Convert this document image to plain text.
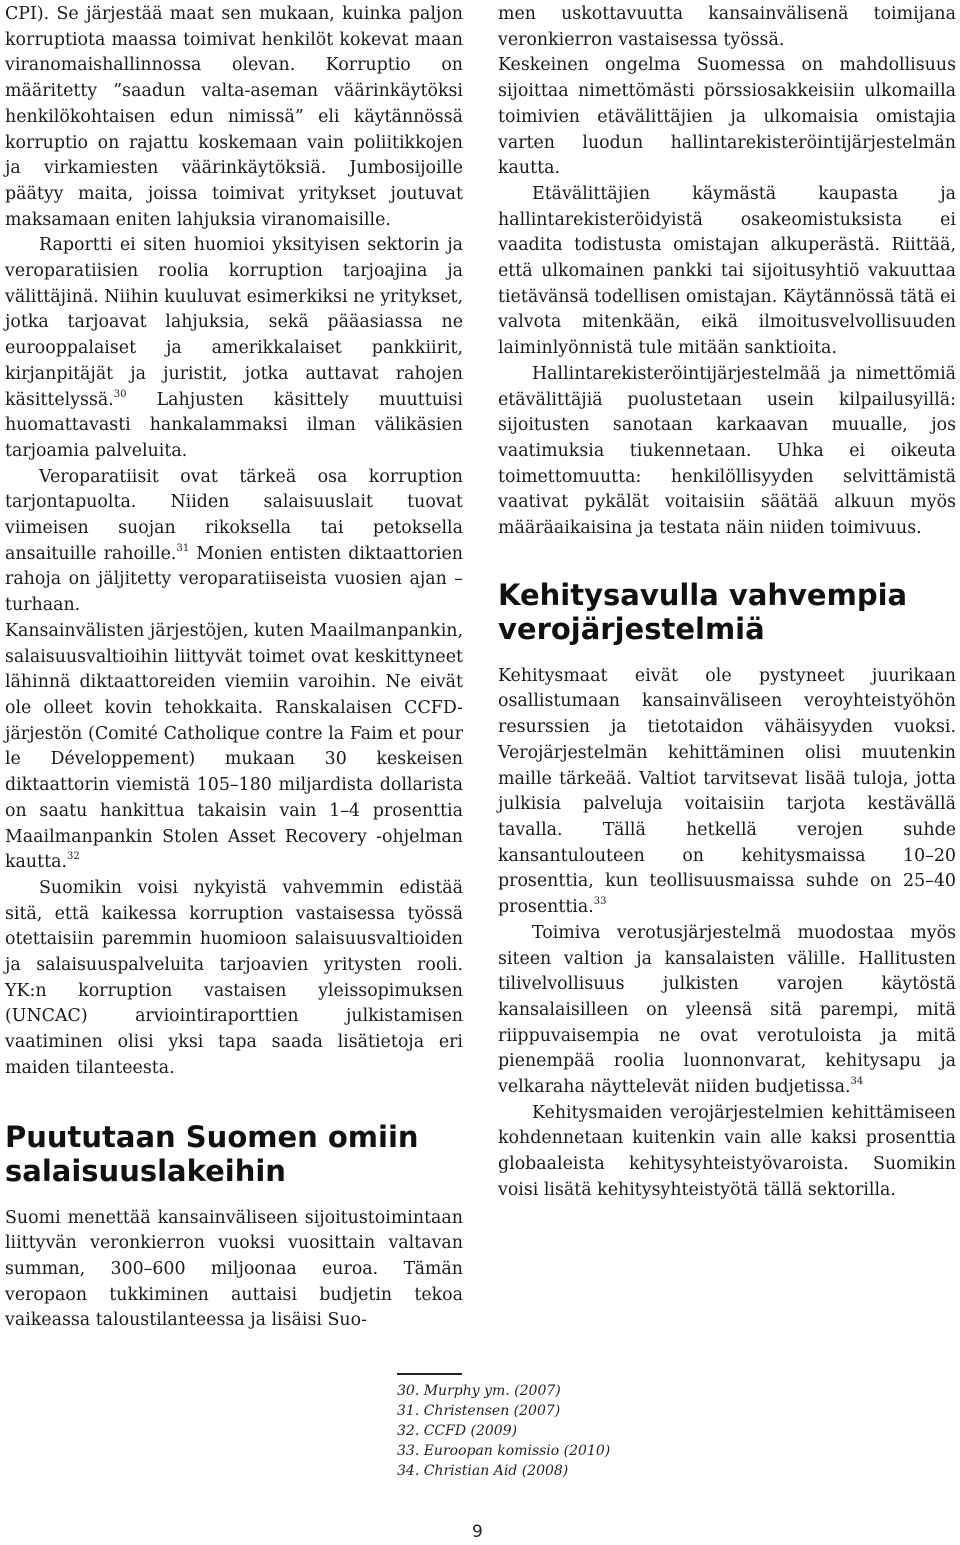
CPI). Se järjestää maat sen mukaan, kuinka paljon korruptiota maassa toimivat henkilöt kokevat maan viranomaishallinnossa olevan. Korruptio on määritetty ”saadun valta-aseman väärinkäytöksi henkilökohtaisen edun nimissä” eli käytännössä korruptio on rajattu koskemaan vain poliitikkojen ja virkamiesten väärinkäytöksiä. Jumbosijoille päätyy maita, joissa toimivat yritykset joutuvat maksamaan eniten lahjuksia viranomaisille.

Raportti ei siten huomioi yksityisen sektorin ja veroparatiisien roolia korruption tarjoajina ja välittäjinä. Niihin kuuluvat esimerkiksi ne yritykset, jotka tarjoavat lahjuksia, sekä pääasiassa ne eurooppalaiset ja amerikkalaiset pankkiirit, kirjanpitäjät ja juristit, jotka auttavat rahojen käsittelyssä.$^{30}$ Lahjusten käsittely muuttuisi huomattavasti hankalammaksi ilman välikäsien tarjoamia palveluita.

Veroparatiisit ovat tärkeä osa korruption tarjontapuolta. Niiden salaisuuslait tuovat viimeisen suojan rikoksella tai petoksella ansaituille rahoille.$^{31}$ Monien entisten diktaattorien rahoja on jäljitetty veroparatiiseista vuosien ajan – turhaan.

Kansainvälisten järjestöjen, kuten Maailmanpankin, salaisuusvaltioihin liittyvät toimet ovat keskittyneet lähinnä diktaattoreiden viemiin varoihin. Ne eivät ole olleet kovin tehokkaita. Ranskalaisen CCFD-järjestön (Comité Catholique contre la Faim et pour le Développement) mukaan 30 keskeisen diktaattorin viemistä 105–180 miljardista dollarista on saatu hankittua takaisin vain 1–4 prosenttia Maailmanpankin Stolen Asset Recovery -ohjelman kautta.$^{32}$

Suomikin voisi nykyistä vahvemmin edistää sitä, että kaikessa korruption vastaisessa työssä otettaisiin paremmin huomioon salaisuusvaltioiden ja salaisuuspalveluita tarjoavien yritysten rooli. YK:n korruption vastaisen yleissopimuksen (UNCAC) arviointiraporttien julkistamisen vaatiminen olisi yksi tapa saada lisätietoja eri maiden tilanteesta.

Puututaan Suomen omiin salaisuuslakeihin

Suomi menettää kansainväliseen sijoitustoimintaan liittyvän veronkierron vuoksi vuosittain valtavan summan, 300–600 miljoonaa euroa. Tämän veropaon tukkiminen auttaisi budjetin tekoa vaikeassa taloustilanteessa ja lisäisi Suo-

men uskottavuutta kansainvälisenä toimijana veronkierron vastaisessa työssä.

Keskeinen ongelma Suomessa on mahdollisuus sijoittaa nimettömästi pörssiosakkeisiin ulkomailla toimivien etävälittäjien ja ulkomaisia omistajia varten luodun hallintarekisteröintijärjestelmän kautta.

Etävälittäjien käymästä kaupasta ja hallintarekisteröidyistä osakeomistuksista ei vaadita todistusta omistajan alkuperästä. Riittää, että ulkomainen pankki tai sijoitusyhtiö vakuuttaa tietävänsä todellisen omistajan. Käytännössä tätä ei valvota mitenkään, eikä ilmoitusvelvollisuuden laiminlyönnistä tule mitään sanktioita.

Hallintarekisteröintijärjestelmää ja nimettömiä etävälittäjiä puolustetaan usein kilpailusyillä: sijoitusten sanotaan karkaavan muualle, jos vaatimuksia tiukennetaan. Uhka ei oikeuta toimettomuutta: henkilöllisyyden selvittämistä vaativat pykälät voitaisiin säätää alkuun myös määräaikaisina ja testata näin niiden toimivuus.

Kehitysavulla vahvempia verojärjestelmiä

Kehitysmaat eivät ole pystyneet juurikaan osallistumaan kansainväliseen veroyhteistyöhön resurssien ja tietotaidon vähäisyyden vuoksi. Verojärjestelmän kehittäminen olisi muutenkin maille tärkeää. Valtiot tarvitsevat lisää tuloja, jotta julkisia palveluja voitaisiin tarjota kestävällä tavalla. Tällä hetkellä verojen suhde kansantulouteen on kehitysmaissa 10–20 prosenttia, kun teollisuusmaissa suhde on 25–40 prosenttia.$^{33}$

Toimiva verotusjärjestelmä muodostaa myös siteen valtion ja kansalaisten välille. Hallitusten tilivelvollisuus julkisten varojen käytöstä kansalaisilleen on yleensä sitä parempi, mitä riippuvaisempia ne ovat verotuloista ja mitä pienempää roolia luonnonvarat, kehitysapu ja velkaraha näyttelevät niiden budjetissa.$^{34}$

Kehitysmaiden verojärjestelmien kehittämiseen kohdennetaan kuitenkin vain alle kaksi prosenttia globaaleista kehitysyhteistyövaroista. Suomikin voisi lisätä kehitysyhteistyötä tällä sektorilla.

30. Murphy ym. (2007)
31. Christensen (2007)
32. CCFD (2009)
33. Euroopan komissio (2010)
34. Christian Aid (2008)
9
